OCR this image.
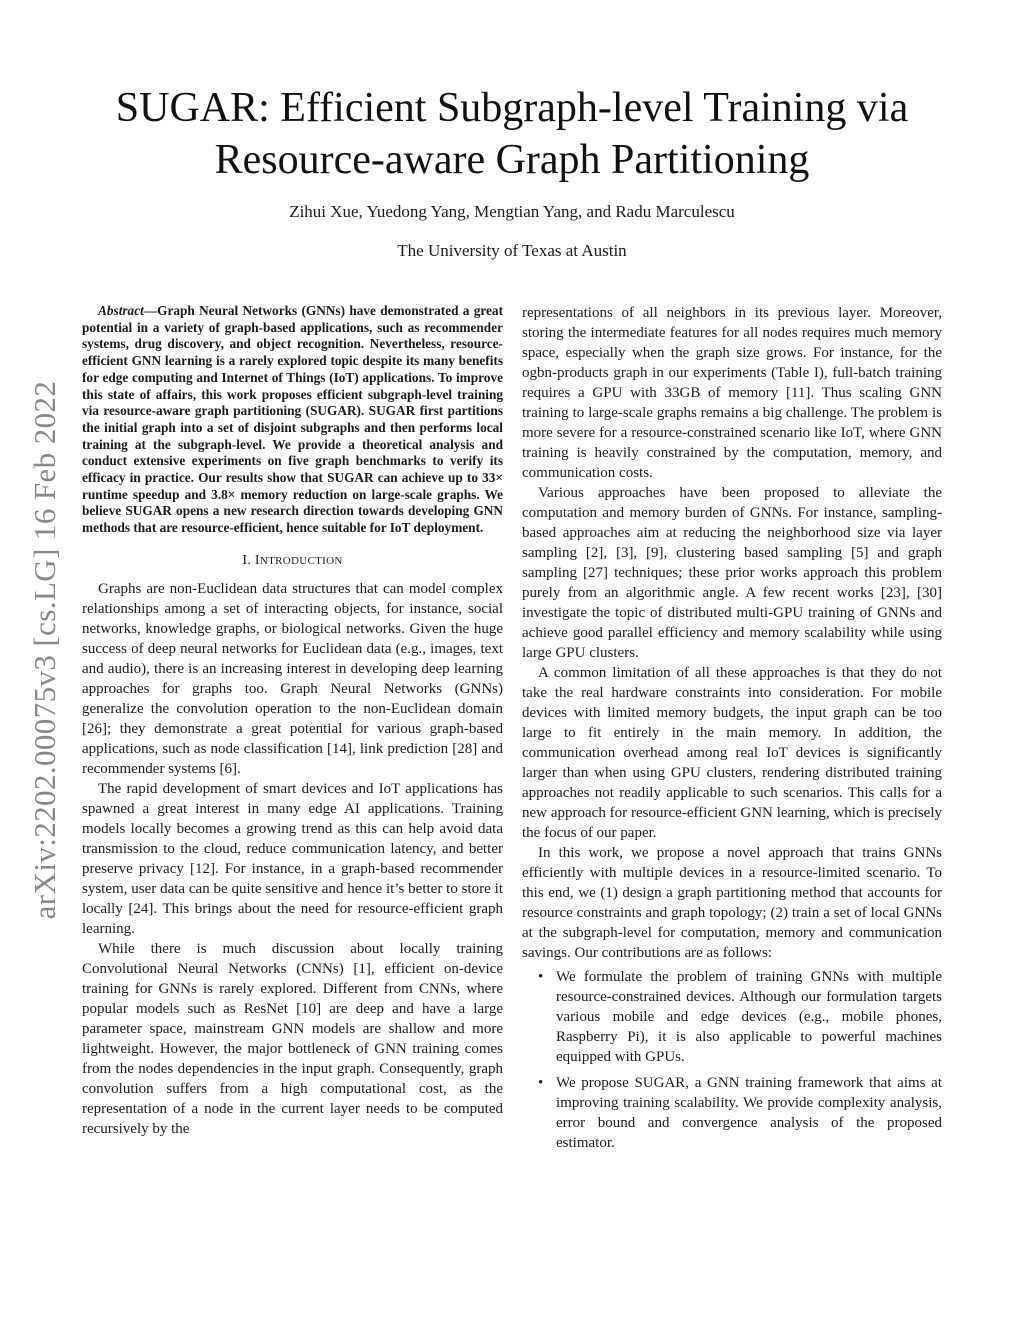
arXiv:2202.00075v3 [cs.LG] 16 Feb 2022
SUGAR: Efficient Subgraph-level Training via
Resource-aware Graph Partitioning
Zihui Xue, Yuedong Yang, Mengtian Yang, and Radu Marculescu
The University of Texas at Austin

Abstract—Graph Neural Networks (GNNs) have demonstrated a great potential in a variety of graph-based applications, such as recommender systems, drug discovery, and object recognition. Nevertheless, resource-efficient GNN learning is a rarely explored topic despite its many benefits for edge computing and Internet of Things (IoT) applications. To improve this state of affairs, this work proposes efficient subgraph-level training via resource-aware graph partitioning (SUGAR). SUGAR first partitions the initial graph into a set of disjoint subgraphs and then performs local training at the subgraph-level. We provide a theoretical analysis and conduct extensive experiments on five graph benchmarks to verify its efficacy in practice. Our results show that SUGAR can achieve up to 33× runtime speedup and 3.8× memory reduction on large-scale graphs. We believe SUGAR opens a new research direction towards developing GNN methods that are resource-efficient, hence suitable for IoT deployment.

I. INTRODUCTION

Graphs are non-Euclidean data structures that can model complex relationships among a set of interacting objects, for instance, social networks, knowledge graphs, or biological networks. Given the huge success of deep neural networks for Euclidean data (e.g., images, text and audio), there is an increasing interest in developing deep learning approaches for graphs too. Graph Neural Networks (GNNs) generalize the convolution operation to the non-Euclidean domain [26]; they demonstrate a great potential for various graph-based applications, such as node classification [14], link prediction [28] and recommender systems [6].

The rapid development of smart devices and IoT applications has spawned a great interest in many edge AI applications. Training models locally becomes a growing trend as this can help avoid data transmission to the cloud, reduce communication latency, and better preserve privacy [12]. For instance, in a graph-based recommender system, user data can be quite sensitive and hence it’s better to store it locally [24]. This brings about the need for resource-efficient graph learning.

While there is much discussion about locally training Convolutional Neural Networks (CNNs) [1], efficient on-device training for GNNs is rarely explored. Different from CNNs, where popular models such as ResNet [10] are deep and have a large parameter space, mainstream GNN models are shallow and more lightweight. However, the major bottleneck of GNN training comes from the nodes dependencies in the input graph. Consequently, graph convolution suffers from a high computational cost, as the representation of a node in the current layer needs to be computed recursively by the

representations of all neighbors in its previous layer. Moreover, storing the intermediate features for all nodes requires much memory space, especially when the graph size grows. For instance, for the ogbn-products graph in our experiments (Table I), full-batch training requires a GPU with 33GB of memory [11]. Thus scaling GNN training to large-scale graphs remains a big challenge. The problem is more severe for a resource-constrained scenario like IoT, where GNN training is heavily constrained by the computation, memory, and communication costs.

Various approaches have been proposed to alleviate the computation and memory burden of GNNs. For instance, sampling-based approaches aim at reducing the neighborhood size via layer sampling [2], [3], [9], clustering based sampling [5] and graph sampling [27] techniques; these prior works approach this problem purely from an algorithmic angle. A few recent works [23], [30] investigate the topic of distributed multi-GPU training of GNNs and achieve good parallel efficiency and memory scalability while using large GPU clusters.

A common limitation of all these approaches is that they do not take the real hardware constraints into consideration. For mobile devices with limited memory budgets, the input graph can be too large to fit entirely in the main memory. In addition, the communication overhead among real IoT devices is significantly larger than when using GPU clusters, rendering distributed training approaches not readily applicable to such scenarios. This calls for a new approach for resource-efficient GNN learning, which is precisely the focus of our paper.

In this work, we propose a novel approach that trains GNNs efficiently with multiple devices in a resource-limited scenario. To this end, we (1) design a graph partitioning method that accounts for resource constraints and graph topology; (2) train a set of local GNNs at the subgraph-level for computation, memory and communication savings. Our contributions are as follows:

• We formulate the problem of training GNNs with multiple resource-constrained devices. Although our formulation targets various mobile and edge devices (e.g., mobile phones, Raspberry Pi), it is also applicable to powerful machines equipped with GPUs.
• We propose SUGAR, a GNN training framework that aims at improving training scalability. We provide complexity analysis, error bound and convergence analysis of the proposed estimator.
